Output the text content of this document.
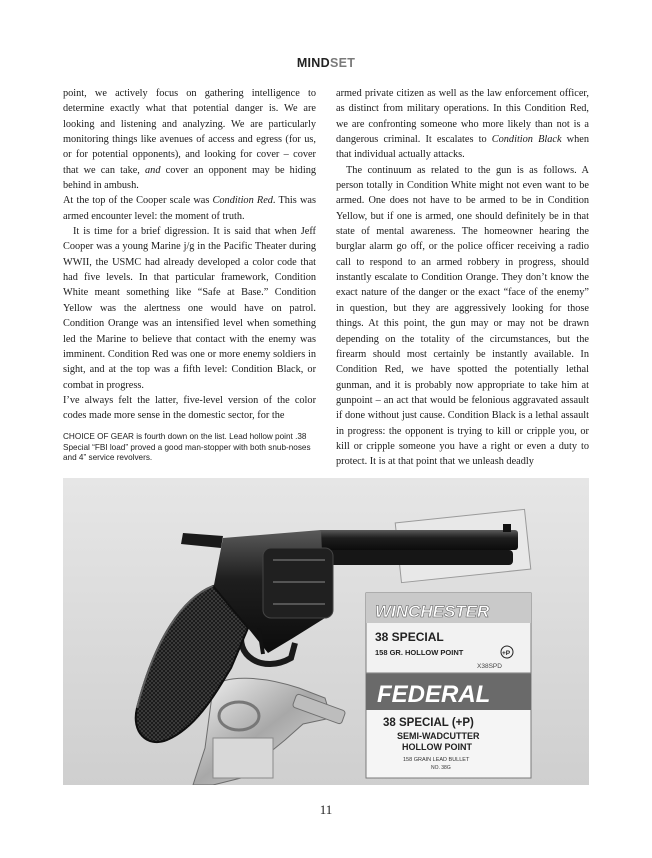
MINDSET

point, we actively focus on gathering intelligence to determine exactly what that potential danger is. We are looking and listening and analyzing. We are particularly monitoring things like avenues of access and egress (for us, or for potential opponents), and looking for cover – cover that we can take, and cover an opponent may be hiding behind in ambush.

At the top of the Cooper scale was Condition Red. This was armed encounter level: the moment of truth.

It is time for a brief digression. It is said that when Jeff Cooper was a young Marine j/g in the Pacific Theater during WWII, the USMC had already developed a color code that had five levels. In that particular framework, Condition White meant something like “Safe at Base.” Condition Yellow was the alertness one would have on patrol. Condition Orange was an intensified level when something led the Marine to believe that contact with the enemy was imminent. Condition Red was one or more enemy soldiers in sight, and at the top was a fifth level: Condition Black, or combat in progress.

I’ve always felt the latter, five-level version of the color codes made more sense in the domestic sector, for the

armed private citizen as well as the law enforcement officer, as distinct from military operations. In this Condition Red, we are confronting someone who more likely than not is a dangerous criminal. It escalates to Condition Black when that individual actually attacks.

The continuum as related to the gun is as follows. A person totally in Condition White might not even want to be armed. One does not have to be armed to be in Condition Yellow, but if one is armed, one should definitely be in that state of mental awareness. The homeowner hearing the burglar alarm go off, or the police officer receiving a radio call to respond to an armed robbery in progress, should instantly escalate to Condition Orange. They don’t know the exact nature of the danger or the exact “face of the enemy” in question, but they are aggressively looking for those things. At this point, the gun may or may not be drawn depending on the totality of the circumstances, but the firearm should most certainly be instantly available. In Condition Red, we have spotted the potentially lethal gunman, and it is probably now appropriate to take him at gunpoint – an act that would be felonious aggravated assault if done without just cause. Condition Black is a lethal assault in progress: the opponent is trying to kill or cripple you, or kill or cripple someone you have a right or even a duty to protect. It is at that point that we unleash deadly

CHOICE OF GEAR is fourth down on the list. Lead hollow point .38 Special “FBI load” proved a good man-stopper with both snub-noses and 4” service revolvers.
WINCHESTER
38 SPECIAL
158 GR. HOLLOW POINT	+P
X38SPD
FEDERAL
38 SPECIAL (+P)
SEMI-WADCUTTER
HOLLOW POINT
158 GRAIN LEAD BULLET
NO. 38G
11
